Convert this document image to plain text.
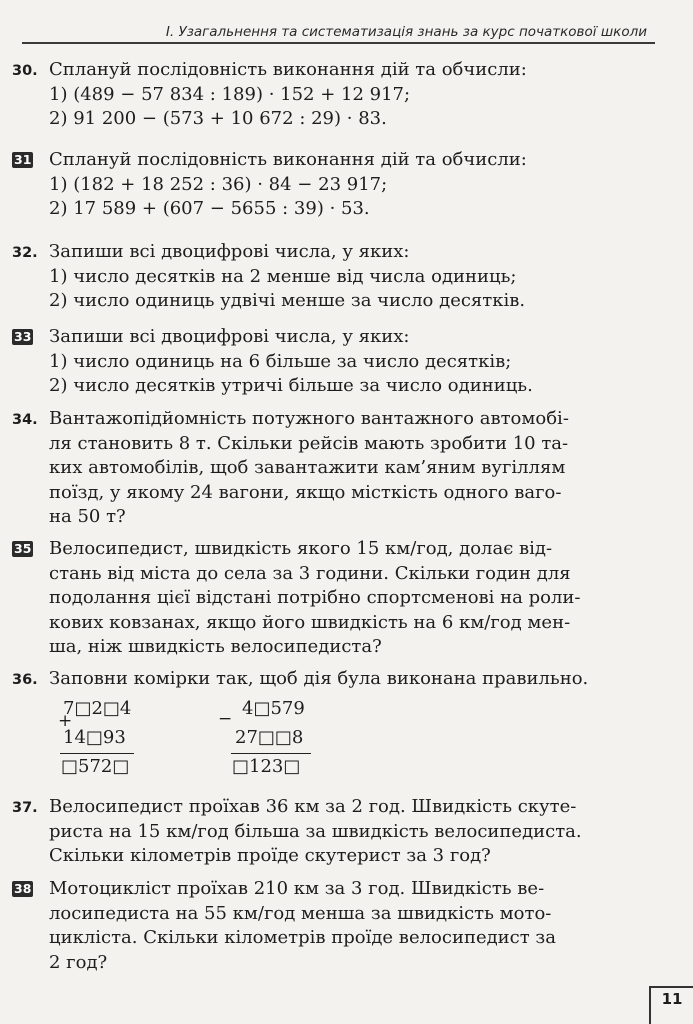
I. Узагальнення та систематизація знань за курс початкової школи
30. Сплануй послідовність виконання дій та обчисли:
1) (489 − 57 834 : 189) · 152 + 12 917;
2) 91 200 − (573 + 10 672 : 29) · 83.
31 Сплануй послідовність виконання дій та обчисли:
1) (182 + 18 252 : 36) · 84 − 23 917;
2) 17 589 + (607 − 5655 : 39) · 53.
32. Запиши всі двоцифрові числа, у яких:
1) число десятків на 2 менше від числа одиниць;
2) число одиниць удвічі менше за число десятків.
33 Запиши всі двоцифрові числа, у яких:
1) число одиниць на 6 більше за число десятків;
2) число десятків утричі більше за число одиниць.
34. Вантажопідйомність потужного вантажного автомобі-
ля становить 8 т. Скільки рейсів мають зробити 10 та-
ких автомобілів, щоб завантажити кам’яним вугіллям
поїзд, у якому 24 вагони, якщо місткість одного ваго-
на 50 т?
35 Велосипедист, швидкість якого 15 км/год, долає від-
стань від міста до села за 3 години. Скільки годин для
подолання цієї відстані потрібно спортсменові на роли-
кових ковзанах, якщо його швидкість на 6 км/год мен-
ша, ніж швидкість велосипедиста?
36. Заповни комірки так, щоб дія була виконана правильно.
+
7□2□4
14□93
□572□
− 4□579
27□□8
□123□
37. Велосипедист проїхав 36 км за 2 год. Швидкість скуте-
риста на 15 км/год більша за швидкість велосипедиста.
Скільки кілометрів проїде скутерист за 3 год?
38 Мотоцикліст проїхав 210 км за 3 год. Швидкість ве-
лосипедиста на 55 км/год менша за швидкість мото-
цикліста. Скільки кілометрів проїде велосипедист за
2 год?
11
